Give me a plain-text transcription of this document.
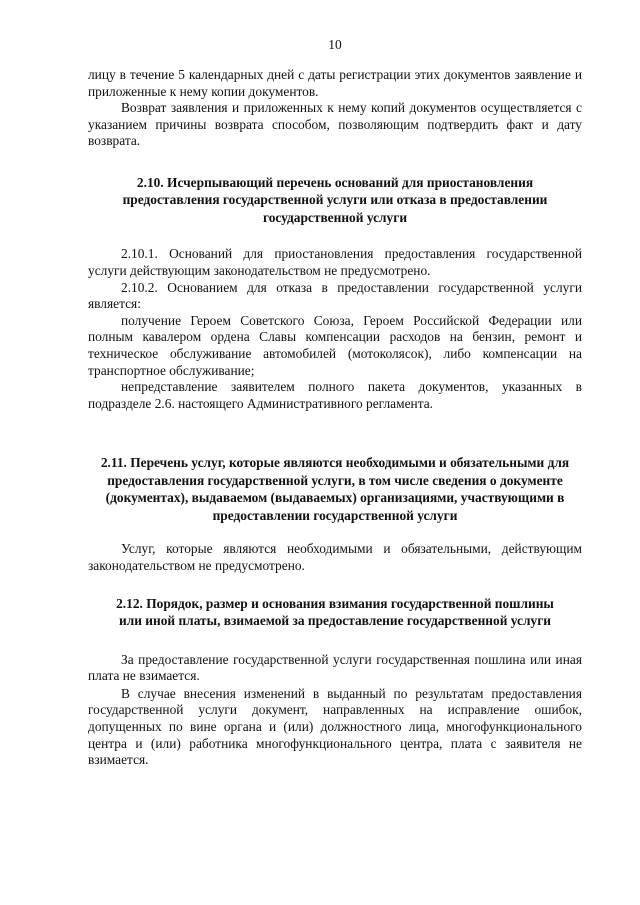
10

лицу в течение 5 календарных дней с даты регистрации этих документов заявление и приложенные к нему копии документов.

Возврат заявления и приложенных к нему копий документов осуществляется с указанием причины возврата способом, позволяющим подтвердить факт и дату возврата.

2.10. Исчерпывающий перечень оснований для приостановления предоставления государственной услуги или отказа в предоставлении государственной услуги

2.10.1. Оснований для приостановления предоставления государственной услуги действующим законодательством не предусмотрено.

2.10.2. Основанием для отказа в предоставлении государственной услуги является:

получение Героем Советского Союза, Героем Российской Федерации или полным кавалером ордена Славы компенсации расходов на бензин, ремонт и техническое обслуживание автомобилей (мотоколясок), либо компенсации на транспортное обслуживание;

непредставление заявителем полного пакета документов, указанных в подразделе 2.6. настоящего Административного регламента.

2.11. Перечень услуг, которые являются необходимыми и обязательными для предоставления государственной услуги, в том числе сведения о документе (документах), выдаваемом (выдаваемых) организациями, участвующими в предоставлении государственной услуги

Услуг, которые являются необходимыми и обязательными, действующим законодательством не предусмотрено.

2.12. Порядок, размер и основания взимания государственной пошлины или иной платы, взимаемой за предоставление государственной услуги

За предоставление государственной услуги государственная пошлина или иная плата не взимается.

В случае внесения изменений в выданный по результатам предоставления государственной услуги документ, направленных на исправление ошибок, допущенных по вине органа и (или) должностного лица, многофункционального центра и (или) работника многофункционального центра, плата с заявителя не взимается.
